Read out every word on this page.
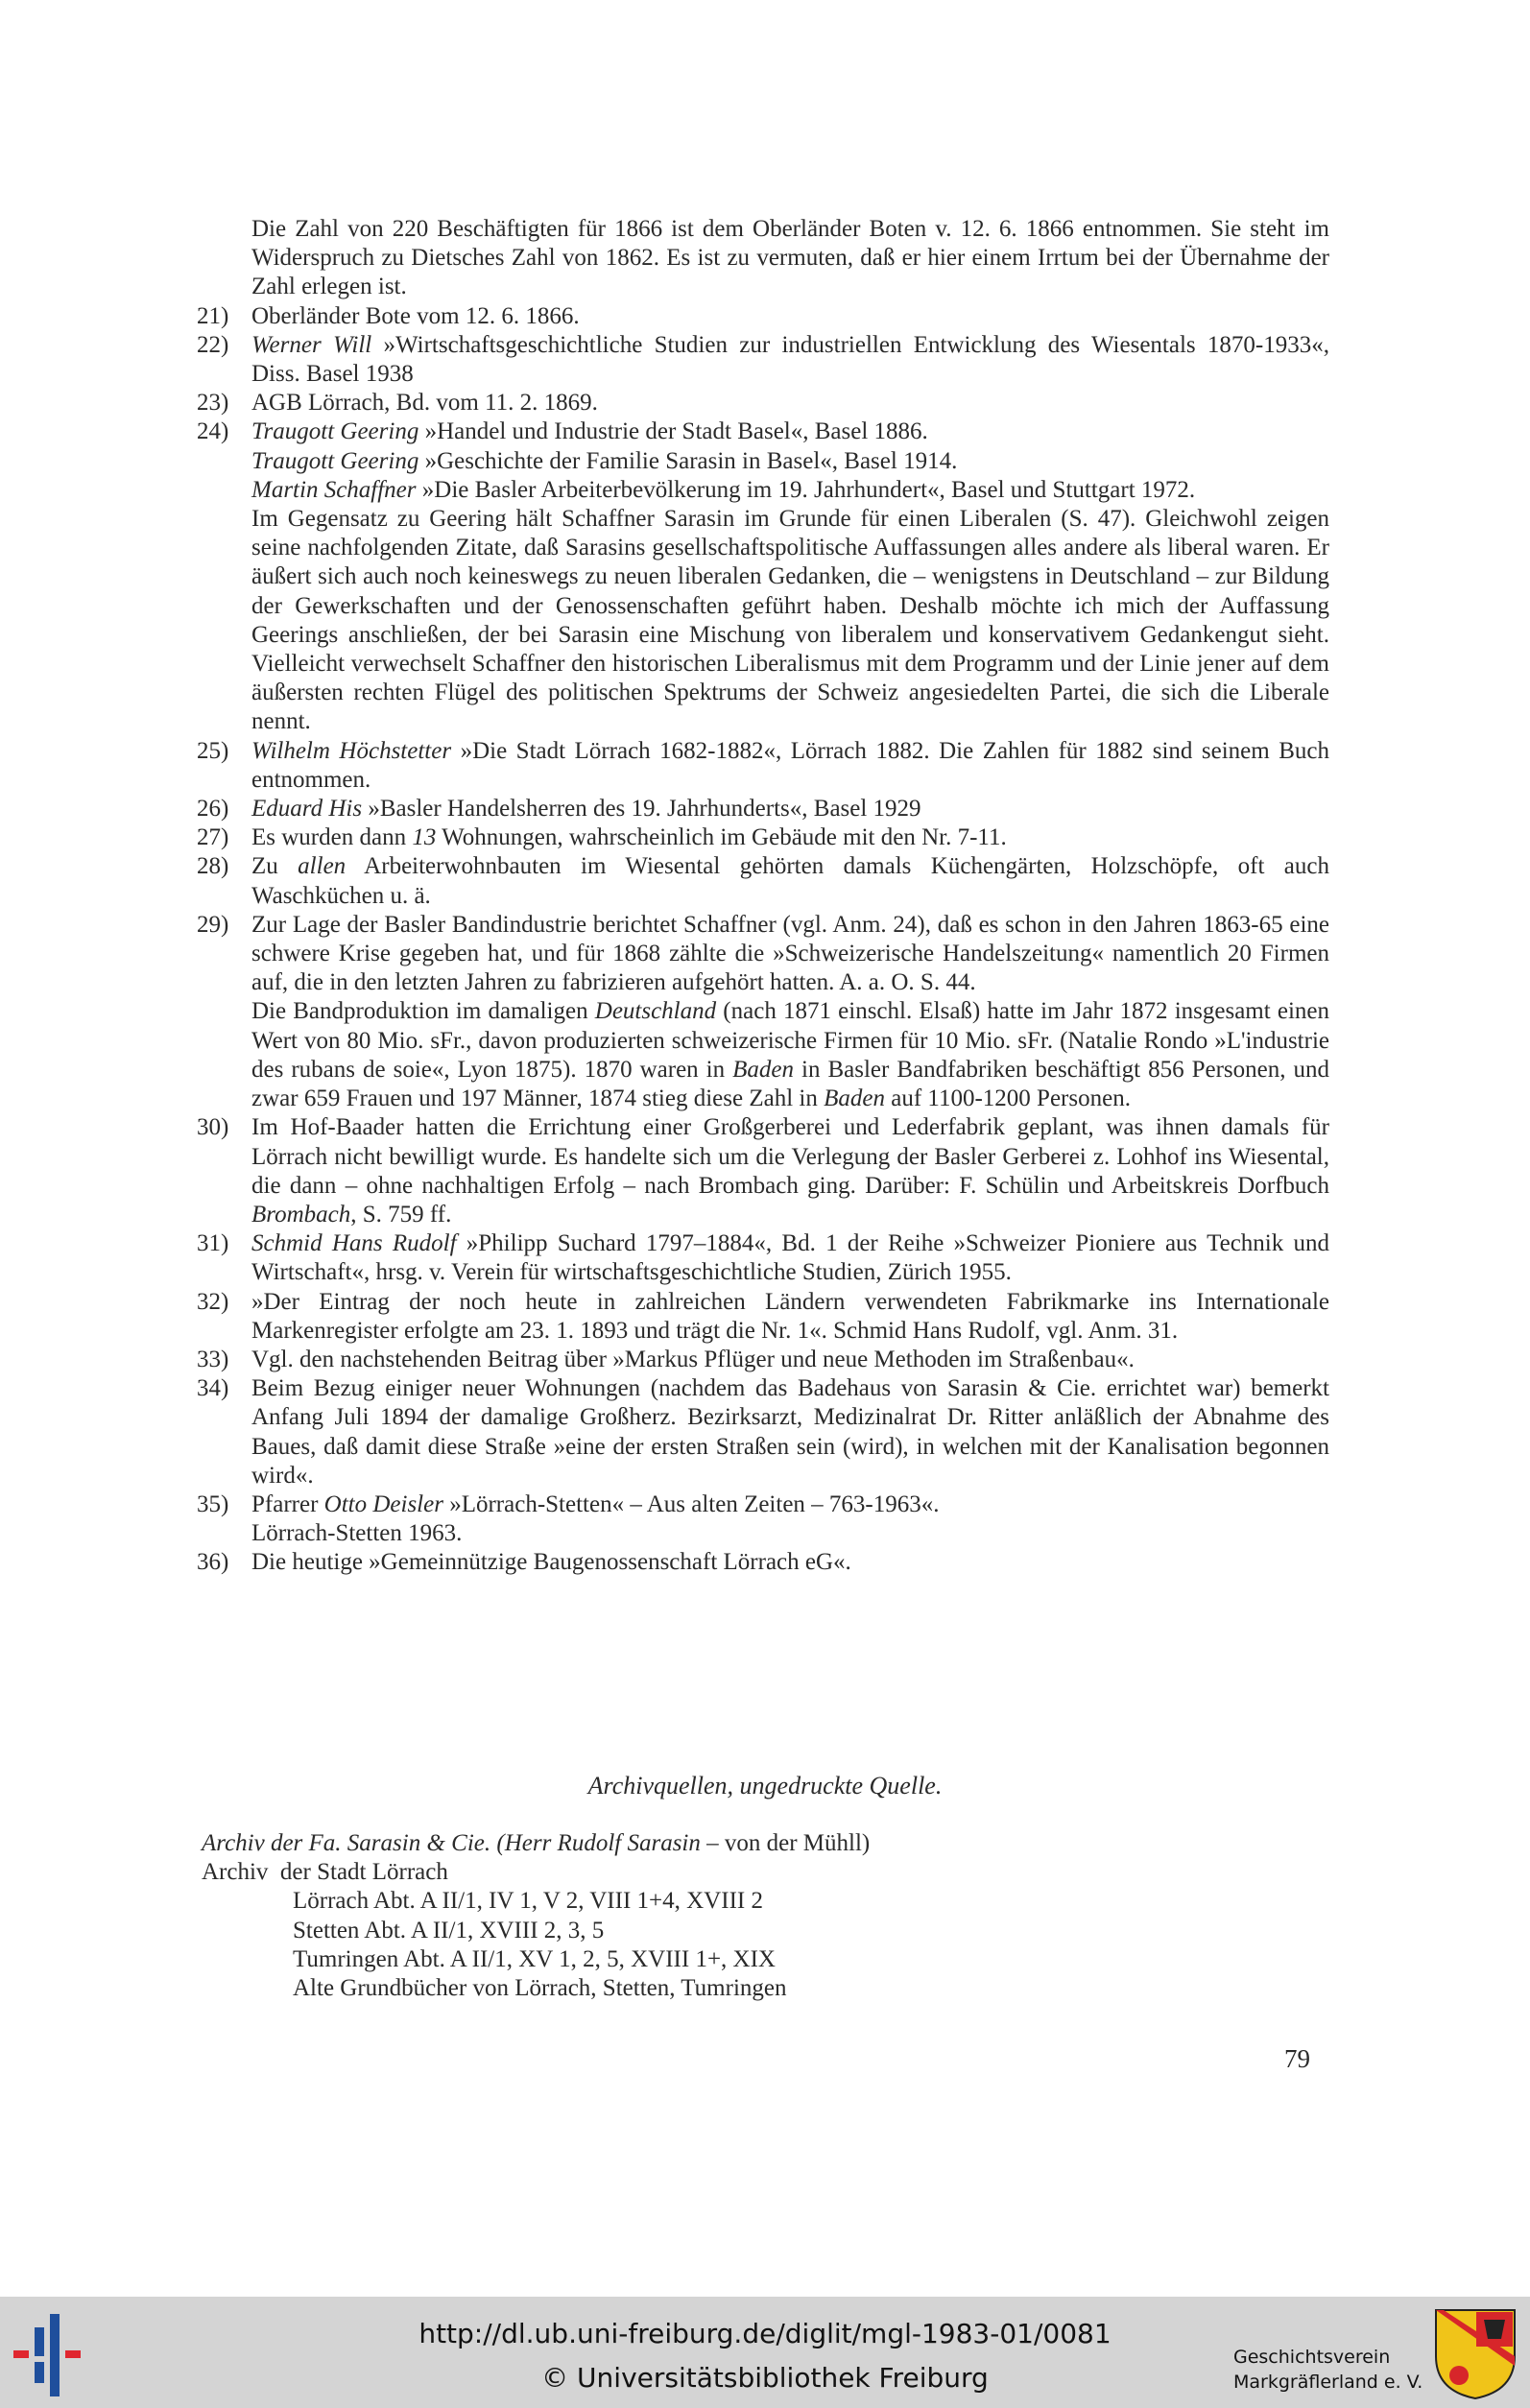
Die Zahl von 220 Beschäftigten für 1866 ist dem Oberländer Boten v. 12. 6. 1866 entnommen. Sie steht im Widerspruch zu Dietsches Zahl von 1862. Es ist zu vermuten, daß er hier einem Irrtum bei der Übernahme der Zahl erlegen ist.

21) Oberländer Bote vom 12. 6. 1866.

22) Werner Will »Wirtschaftsgeschichtliche Studien zur industriellen Entwicklung des Wiesentals 1870-1933«, Diss. Basel 1938

23) AGB Lörrach, Bd. vom 11. 2. 1869.

24) Traugott Geering »Handel und Industrie der Stadt Basel«, Basel 1886.

Traugott Geering »Geschichte der Familie Sarasin in Basel«, Basel 1914.

Martin Schaffner »Die Basler Arbeiterbevölkerung im 19. Jahrhundert«, Basel und Stuttgart 1972.

Im Gegensatz zu Geering hält Schaffner Sarasin im Grunde für einen Liberalen (S. 47). Gleichwohl zeigen seine nachfolgenden Zitate, daß Sarasins gesellschaftspolitische Auffassungen alles andere als liberal waren. Er äußert sich auch noch keineswegs zu neuen liberalen Gedanken, die – wenigstens in Deutschland – zur Bildung der Gewerkschaften und der Genossenschaften geführt haben. Deshalb möchte ich mich der Auffassung Geerings anschließen, der bei Sarasin eine Mischung von liberalem und konservativem Gedankengut sieht. Vielleicht verwechselt Schaffner den historischen Liberalismus mit dem Programm und der Linie jener auf dem äußersten rechten Flügel des politischen Spektrums der Schweiz angesiedelten Partei, die sich die Liberale nennt.

25) Wilhelm Höchstetter »Die Stadt Lörrach 1682-1882«, Lörrach 1882. Die Zahlen für 1882 sind seinem Buch entnommen.

26) Eduard His »Basler Handelsherren des 19. Jahrhunderts«, Basel 1929

27) Es wurden dann 13 Wohnungen, wahrscheinlich im Gebäude mit den Nr. 7-11.

28) Zu allen Arbeiterwohnbauten im Wiesental gehörten damals Küchengärten, Holzschöpfe, oft auch Waschküchen u. ä.

29) Zur Lage der Basler Bandindustrie berichtet Schaffner (vgl. Anm. 24), daß es schon in den Jahren 1863-65 eine schwere Krise gegeben hat, und für 1868 zählte die »Schweizerische Handelszeitung« namentlich 20 Firmen auf, die in den letzten Jahren zu fabrizieren aufgehört hatten. A. a. O. S. 44.

Die Bandproduktion im damaligen Deutschland (nach 1871 einschl. Elsaß) hatte im Jahr 1872 insgesamt einen Wert von 80 Mio. sFr., davon produzierten schweizerische Firmen für 10 Mio. sFr. (Natalie Rondo »L'industrie des rubans de soie«, Lyon 1875). 1870 waren in Baden in Basler Bandfabriken beschäftigt 856 Personen, und zwar 659 Frauen und 197 Männer, 1874 stieg diese Zahl in Baden auf 1100-1200 Personen.

30) Im Hof-Baader hatten die Errichtung einer Großgerberei und Lederfabrik geplant, was ihnen damals für Lörrach nicht bewilligt wurde. Es handelte sich um die Verlegung der Basler Gerberei z. Lohhof ins Wiesental, die dann – ohne nachhaltigen Erfolg – nach Brombach ging. Darüber: F. Schülin und Arbeitskreis Dorfbuch Brombach, S. 759 ff.

31) Schmid Hans Rudolf »Philipp Suchard 1797–1884«, Bd. 1 der Reihe »Schweizer Pioniere aus Technik und Wirtschaft«, hrsg. v. Verein für wirtschaftsgeschichtliche Studien, Zürich 1955.

32) »Der Eintrag der noch heute in zahlreichen Ländern verwendeten Fabrikmarke ins Internationale Markenregister erfolgte am 23. 1. 1893 und trägt die Nr. 1«. Schmid Hans Rudolf, vgl. Anm. 31.

33) Vgl. den nachstehenden Beitrag über »Markus Pflüger und neue Methoden im Straßenbau«.

34) Beim Bezug einiger neuer Wohnungen (nachdem das Badehaus von Sarasin & Cie. errichtet war) bemerkt Anfang Juli 1894 der damalige Großherz. Bezirksarzt, Medizinalrat Dr. Ritter anläßlich der Abnahme des Baues, daß damit diese Straße »eine der ersten Straßen sein (wird), in welchen mit der Kanalisation begonnen wird«.

35) Pfarrer Otto Deisler »Lörrach-Stetten« – Aus alten Zeiten – 763-1963«.

Lörrach-Stetten 1963.

36) Die heutige »Gemeinnützige Baugenossenschaft Lörrach eG«.

Archivquellen, ungedruckte Quelle.
Archiv der Fa. Sarasin & Cie. (Herr Rudolf Sarasin – von der Mühll)
Archiv  der Stadt Lörrach
Lörrach Abt. A II/1, IV 1, V 2, VIII 1+4, XVIII 2
Stetten Abt. A II/1, XVIII 2, 3, 5
Tumringen Abt. A II/1, XV 1, 2, 5, XVIII 1+, XIX
Alte Grundbücher von Lörrach, Stetten, Tumringen
79
http://dl.ub.uni-freiburg.de/diglit/mgl-1983-01/0081
© Universitätsbibliothek Freiburg
Geschichtsverein
Markgräflerland e. V.
